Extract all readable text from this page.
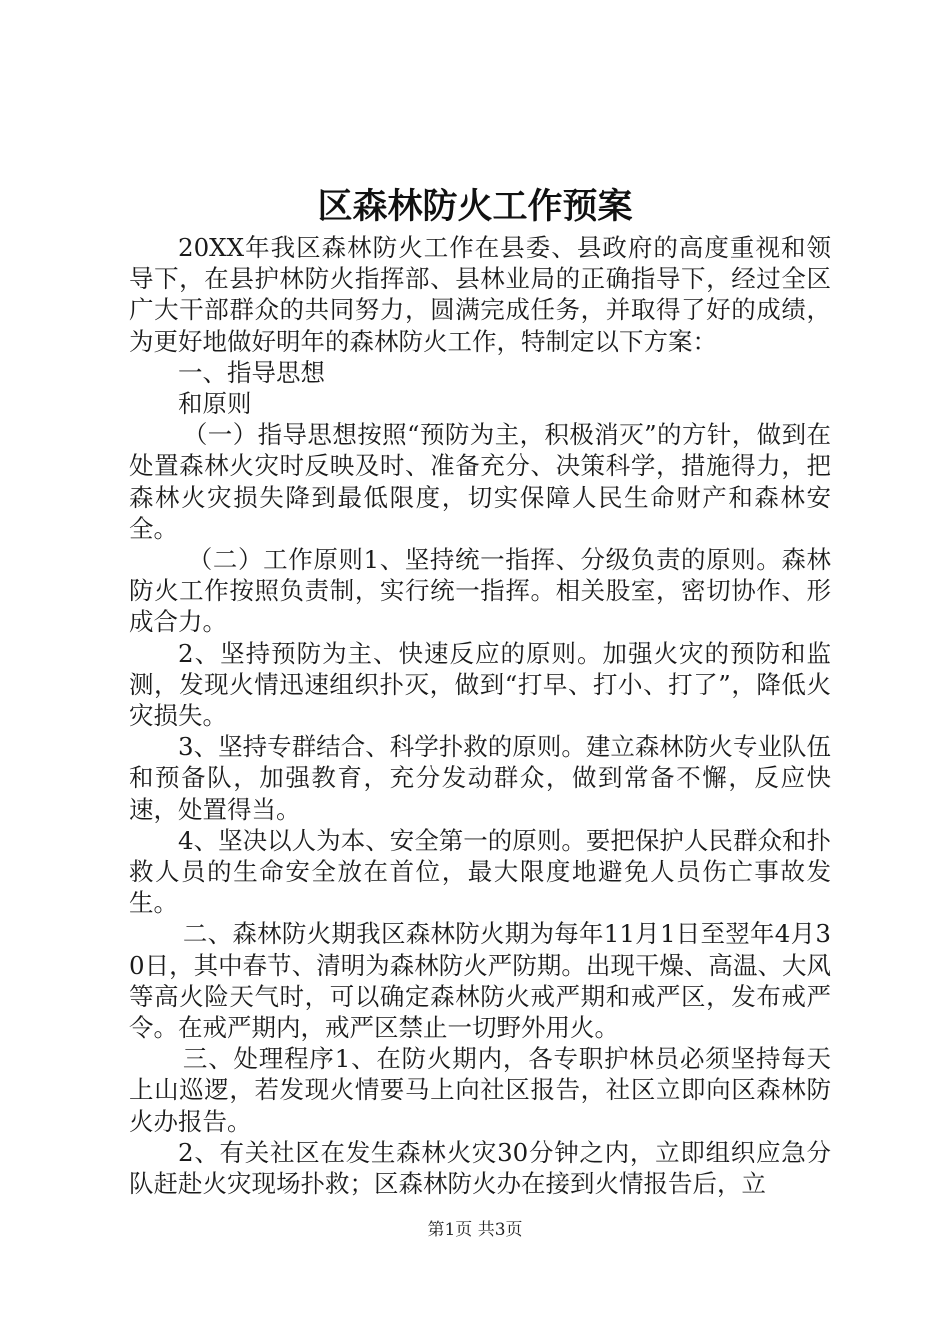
区森林防火工作预案

20XX年我区森林防火工作在县委、县政府的高度重视和领导下，在县护林防火指挥部、县林业局的正确指导下，经过全区广大干部群众的共同努力，圆满完成任务，并取得了好的成绩，为更好地做好明年的森林防火工作，特制定以下方案：

一、指导思想

和原则

（一）指导思想按照“预防为主，积极消灭”的方针，做到在处置森林火灾时反映及时、准备充分、决策科学，措施得力，把森林火灾损失降到最低限度，切实保障人民生命财产和森林安全。

（二）工作原则1、坚持统一指挥、分级负责的原则。森林防火工作按照负责制，实行统一指挥。相关股室，密切协作、形成合力。

2、坚持预防为主、快速反应的原则。加强火灾的预防和监测，发现火情迅速组织扑灭，做到“打早、打小、打了”，降低火灾损失。

3、坚持专群结合、科学扑救的原则。建立森林防火专业队伍和预备队，加强教育，充分发动群众，做到常备不懈，反应快速，处置得当。

4、坚决以人为本、安全第一的原则。要把保护人民群众和扑救人员的生命安全放在首位，最大限度地避免人员伤亡事故发生。

二、森林防火期我区森林防火期为每年11月1日至翌年4月30日，其中春节、清明为森林防火严防期。出现干燥、高温、大风等高火险天气时，可以确定森林防火戒严期和戒严区，发布戒严令。在戒严期内，戒严区禁止一切野外用火。

三、处理程序1、在防火期内，各专职护林员必须坚持每天上山巡逻，若发现火情要马上向社区报告，社区立即向区森林防火办报告。

2、有关社区在发生森林火灾30分钟之内，立即组织应急分队赶赴火灾现场扑救；区森林防火办在接到火情报告后，立

第1页 共3页
